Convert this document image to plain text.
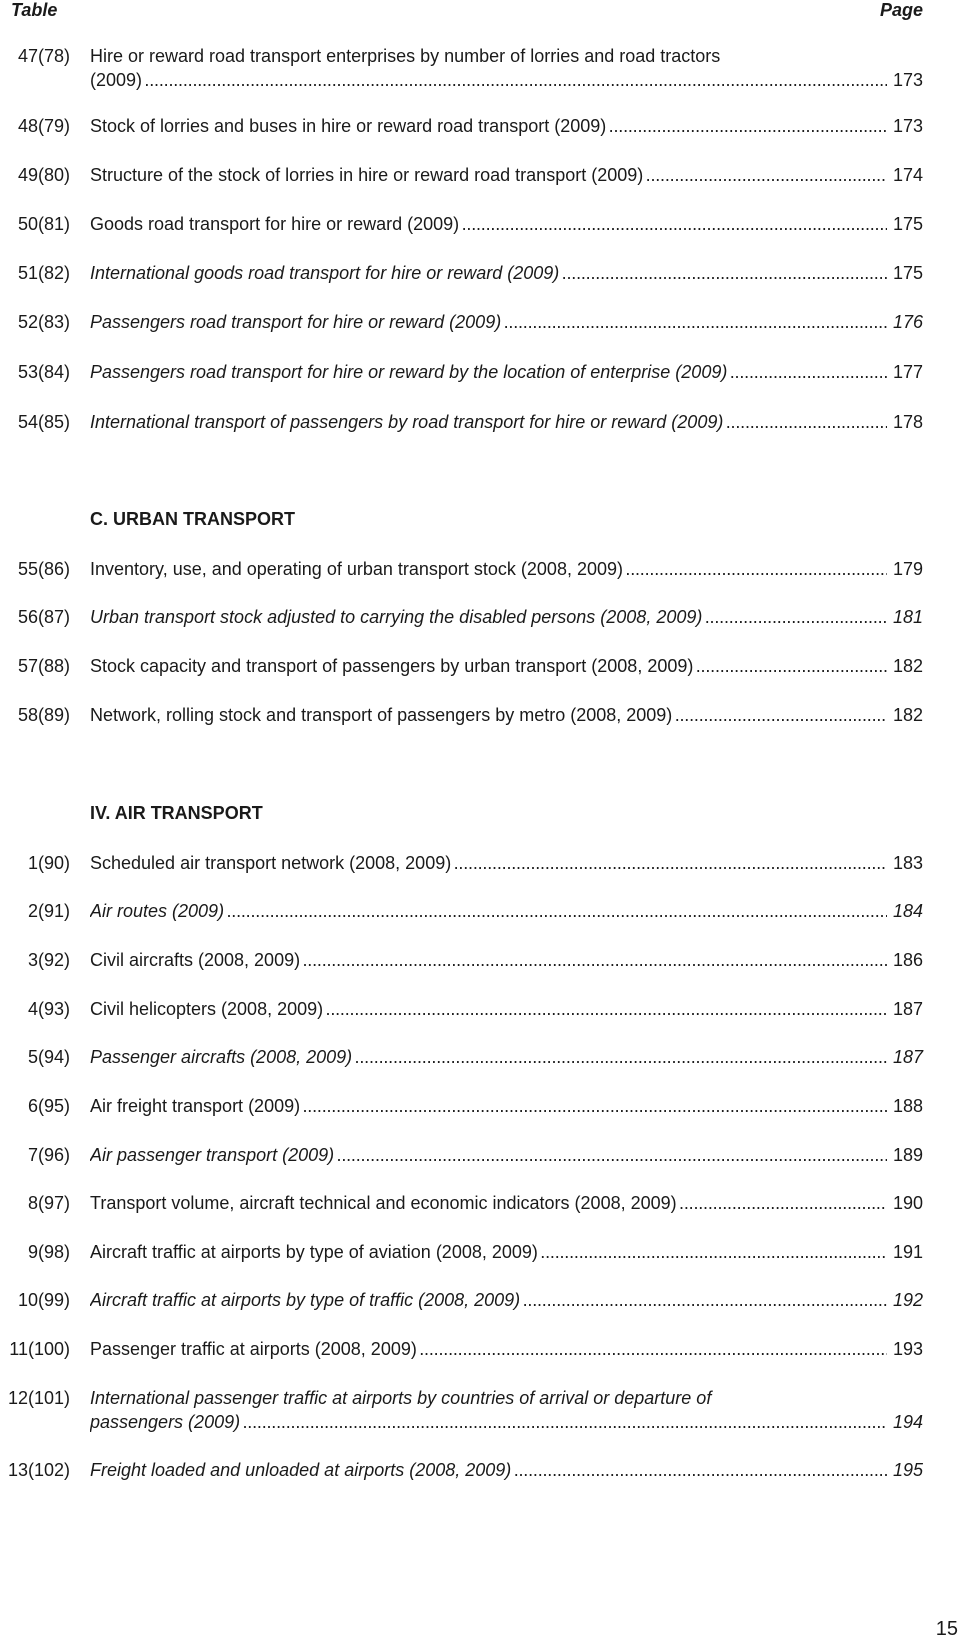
Table	Page
47(78) Hire or reward road transport enterprises by number of lorries and road tractors
(2009) . . .	173
48(79) Stock of lorries and buses in hire or reward road transport (2009) . . .	173
49(80) Structure of the stock of lorries in hire or reward road transport (2009) . . .	174
50(81) Goods road transport for hire or reward (2009) . . .	175
51(82) International goods road transport for hire or reward (2009) . . .	175
52(83) Passengers road transport for hire or reward (2009) . . .	176
53(84) Passengers road transport for hire or reward by the location of enterprise (2009) . . .	177
54(85) International transport of passengers by road transport for hire or reward (2009) . . .	178
C. URBAN TRANSPORT
55(86) Inventory, use, and operating of urban transport stock (2008, 2009) . . .	179
56(87) Urban transport stock adjusted to carrying the disabled persons (2008, 2009) . . .	181
57(88) Stock capacity and transport of passengers by urban transport (2008, 2009) . . .	182
58(89) Network, rolling stock and transport of passengers by metro (2008, 2009) . . .	182
IV. AIR TRANSPORT
1(90) Scheduled air transport network (2008, 2009) . . .	183
2(91) Air routes (2009) . . .	184
3(92) Civil aircrafts (2008, 2009) . . .	186
4(93) Civil helicopters (2008, 2009) . . .	187
5(94) Passenger aircrafts (2008, 2009) . . .	187
6(95) Air freight transport (2009) . . .	188
7(96) Air passenger transport (2009) . . .	189
8(97) Transport volume, aircraft technical and economic indicators (2008, 2009) . . .	190
9(98) Aircraft traffic at airports by type of aviation (2008, 2009) . . .	191
10(99) Aircraft traffic at airports by type of traffic (2008, 2009) . . .	192
11(100) Passenger traffic at airports (2008, 2009) . . .	193
12(101) International passenger traffic at airports by countries of arrival or departure of
passengers (2009) . . .	194
13(102) Freight loaded and unloaded at airports (2008, 2009) . . .	195
15
